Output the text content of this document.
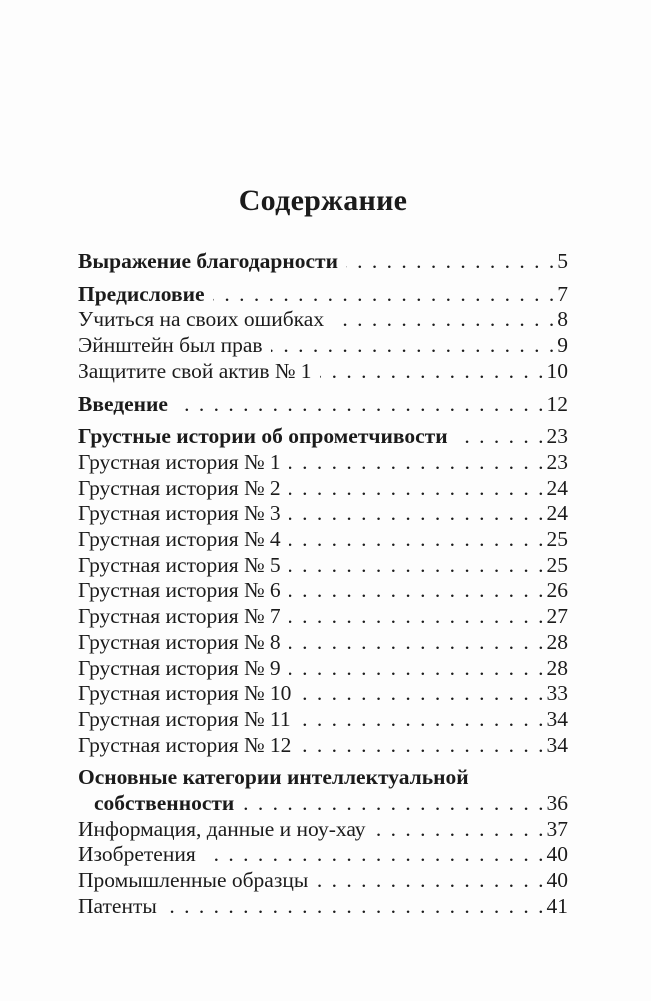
Содержание
Выражение благодарности . . .	5
Предисловие . . .	7
Учиться на своих ошибках . . .	8
Эйнштейн был прав . . .	9
Защитите свой актив № 1 . . .	10
Введение . . .	12
Грустные истории об опрометчивости . . .	23
Грустная история № 1 . . .	23
Грустная история № 2 . . .	24
Грустная история № 3 . . .	24
Грустная история № 4 . . .	25
Грустная история № 5 . . .	25
Грустная история № 6 . . .	26
Грустная история № 7 . . .	27
Грустная история № 8 . . .	28
Грустная история № 9 . . .	28
Грустная история № 10 . . .	33
Грустная история № 11 . . .	34
Грустная история № 12 . . .	34
Основные категории интеллектуальной
собственности . . .	36
Информация, данные и ноу-хау . . .	37
Изобретения . . .	40
Промышленные образцы . . .	40
Патенты . . .	41
